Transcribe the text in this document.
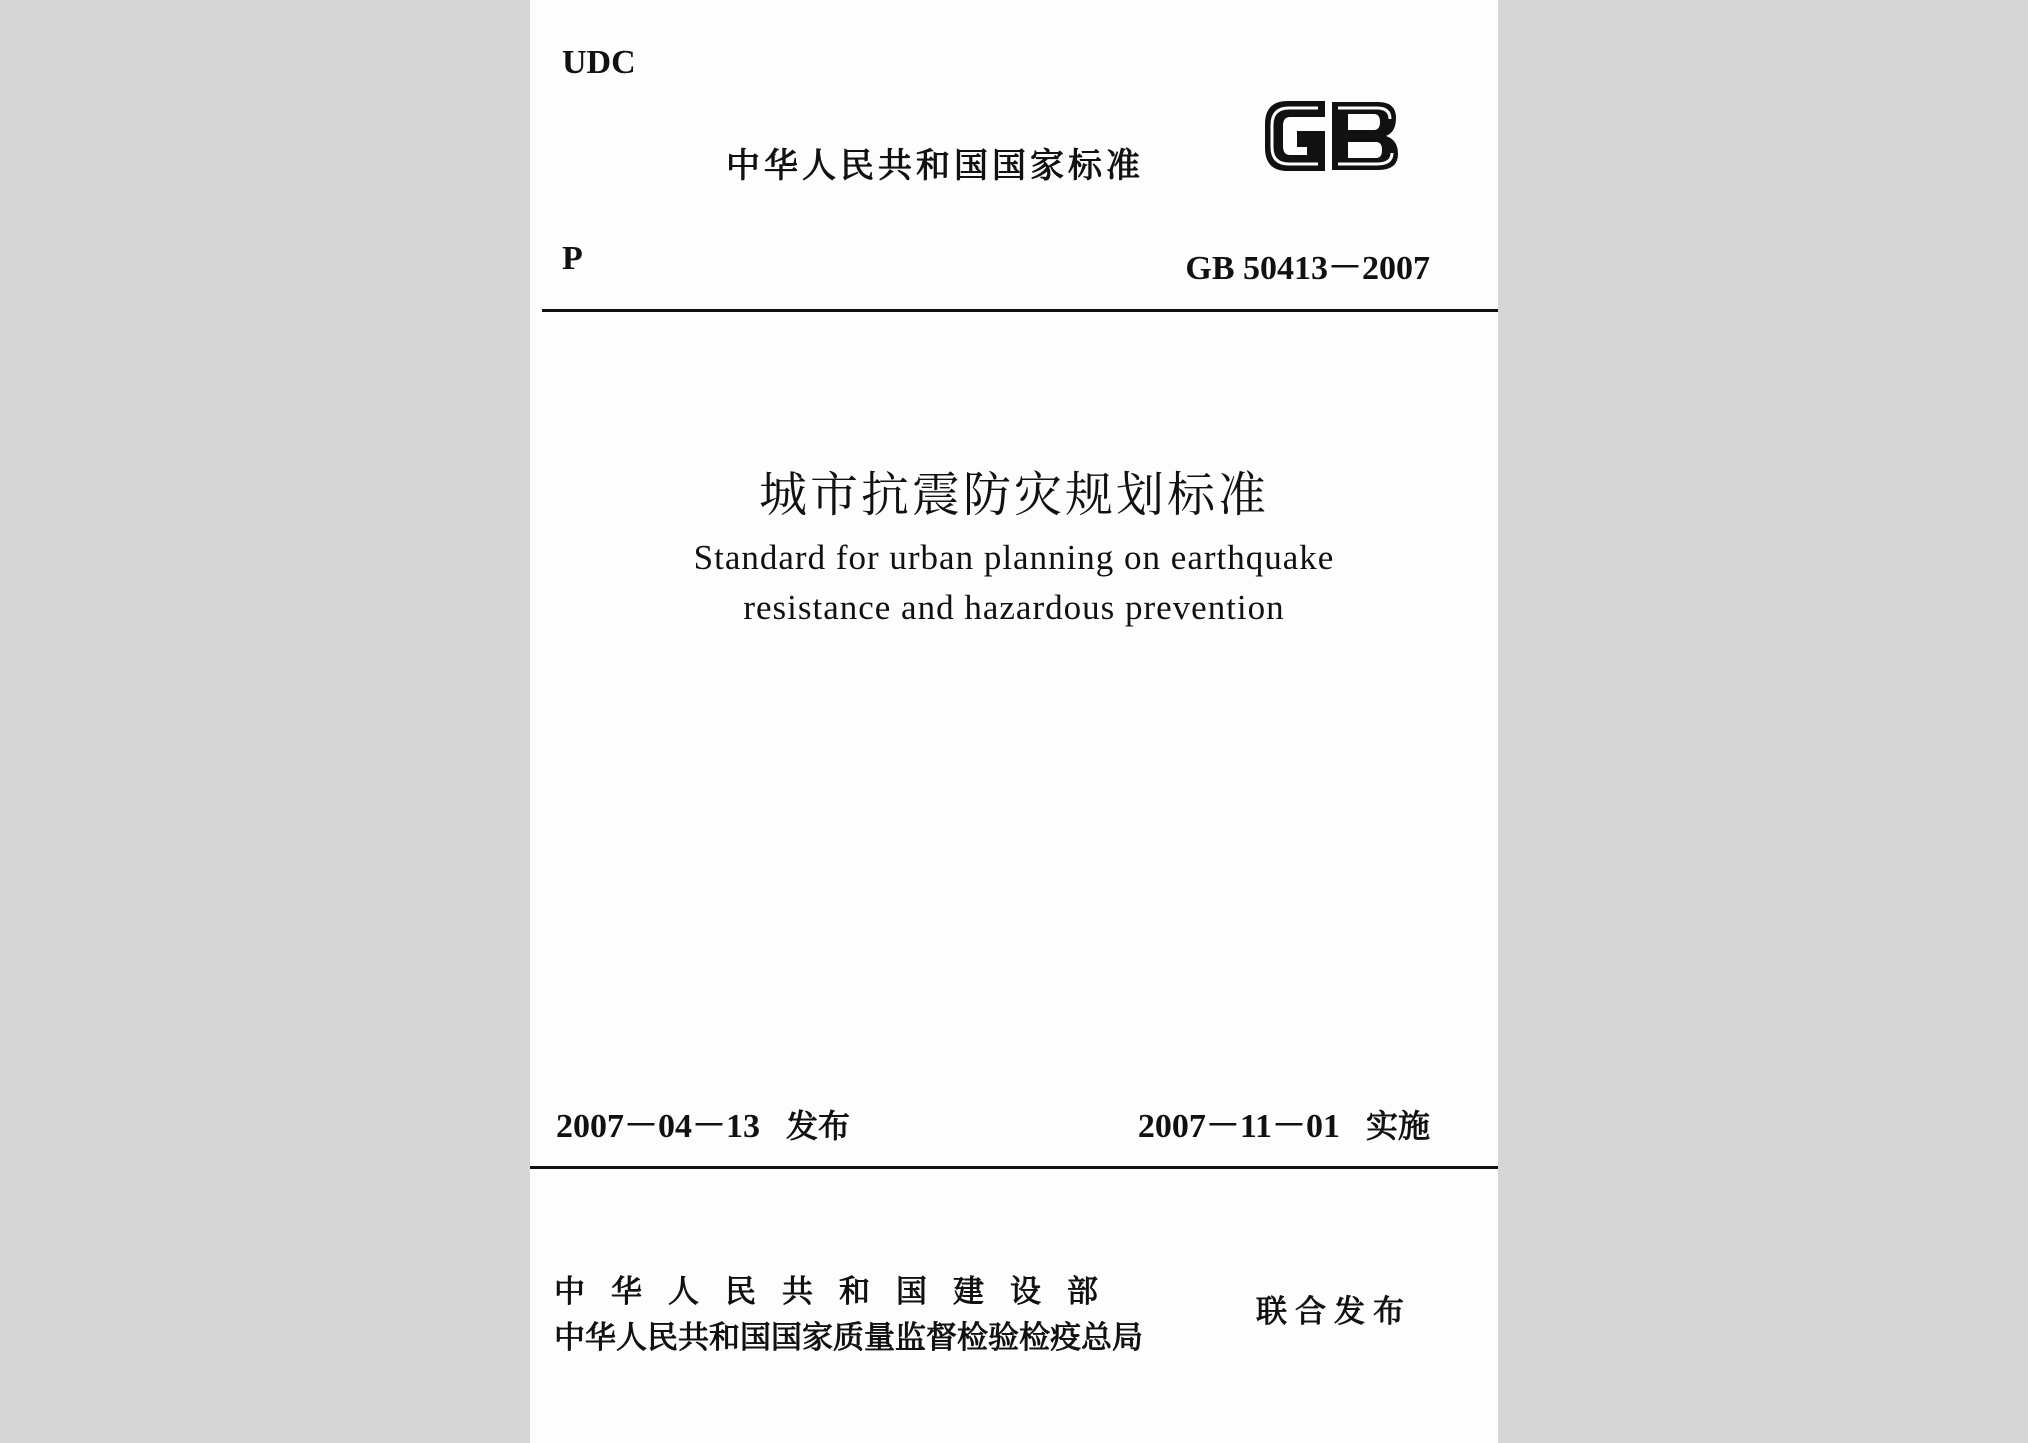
UDC
中华人民共和国国家标准	GB
P	GB 50413－2007
城市抗震防灾规划标准
Standard for urban planning on earthquake
resistance and hazardous prevention
2007－04－13 发布	2007－11－01 实施
中华人民共和国建设部
中华人民共和国国家质量监督检验检疫总局
联合发布
